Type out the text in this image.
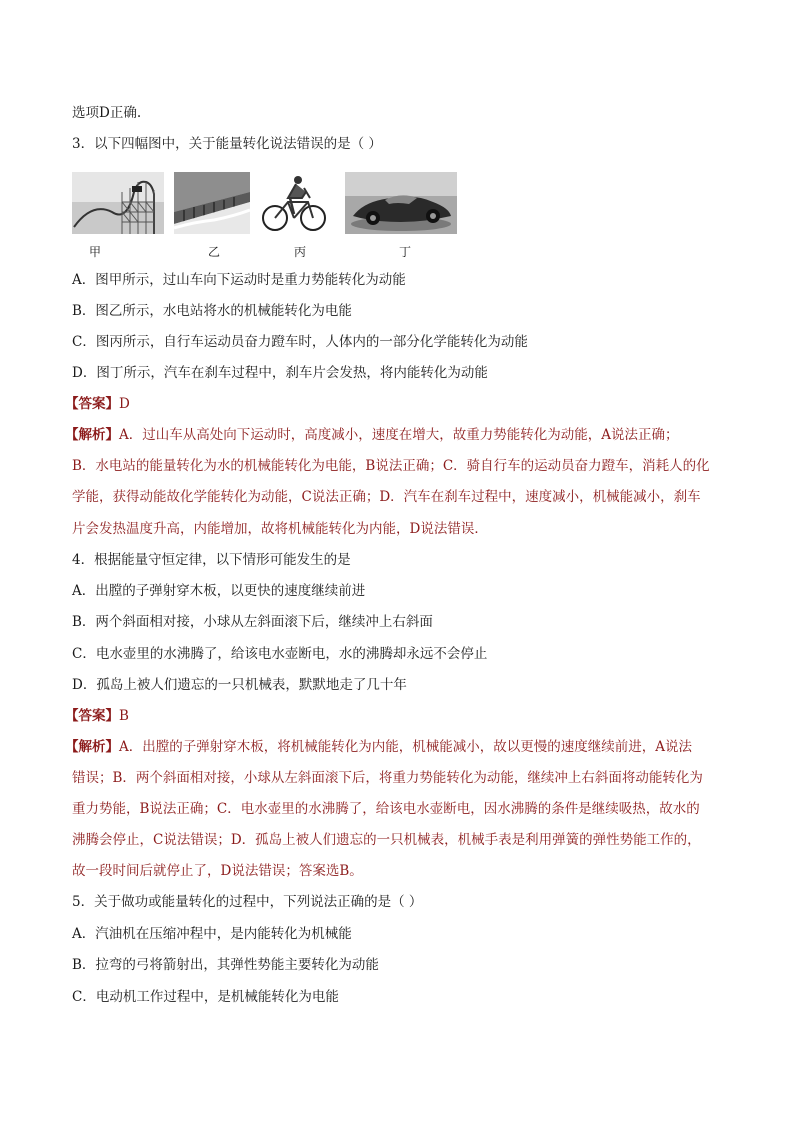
选项D正确.
3．以下四幅图中，关于能量转化说法错误的是（ ）
甲	乙	丙	丁
A．图甲所示，过山车向下运动时是重力势能转化为动能
B．图乙所示，水电站将水的机械能转化为电能
C．图丙所示，自行车运动员奋力蹬车时，人体内的一部分化学能转化为动能
D．图丁所示，汽车在刹车过程中，刹车片会发热，将内能转化为动能
【答案】D
【解析】A．过山车从高处向下运动时，高度减小，速度在增大，故重力势能转化为动能，A说法正确；
B．水电站的能量转化为水的机械能转化为电能，B说法正确；C．骑自行车的运动员奋力蹬车，消耗人的化
学能，获得动能故化学能转化为动能，C说法正确；D．汽车在刹车过程中，速度减小，机械能减小，刹车
片会发热温度升高，内能增加，故将机械能转化为内能，D说法错误．
4．根据能量守恒定律，以下情形可能发生的是
A．出膛的子弹射穿木板，以更快的速度继续前进
B．两个斜面相对接，小球从左斜面滚下后，继续冲上右斜面
C．电水壶里的水沸腾了，给该电水壶断电，水的沸腾却永远不会停止
D．孤岛上被人们遗忘的一只机械表，默默地走了几十年
【答案】B
【解析】A．出膛的子弹射穿木板，将机械能转化为内能，机械能减小，故以更慢的速度继续前进，A说法
错误；B．两个斜面相对接，小球从左斜面滚下后，将重力势能转化为动能，继续冲上右斜面将动能转化为
重力势能，B说法正确；C．电水壶里的水沸腾了，给该电水壶断电，因水沸腾的条件是继续吸热，故水的
沸腾会停止，C说法错误；D．孤岛上被人们遗忘的一只机械表，机械手表是利用弹簧的弹性势能工作的，
故一段时间后就停止了，D说法错误；答案选B。
5．关于做功或能量转化的过程中，下列说法正确的是（ ）
A．汽油机在压缩冲程中，是内能转化为机械能
B．拉弯的弓将箭射出，其弹性势能主要转化为动能
C．电动机工作过程中，是机械能转化为电能
